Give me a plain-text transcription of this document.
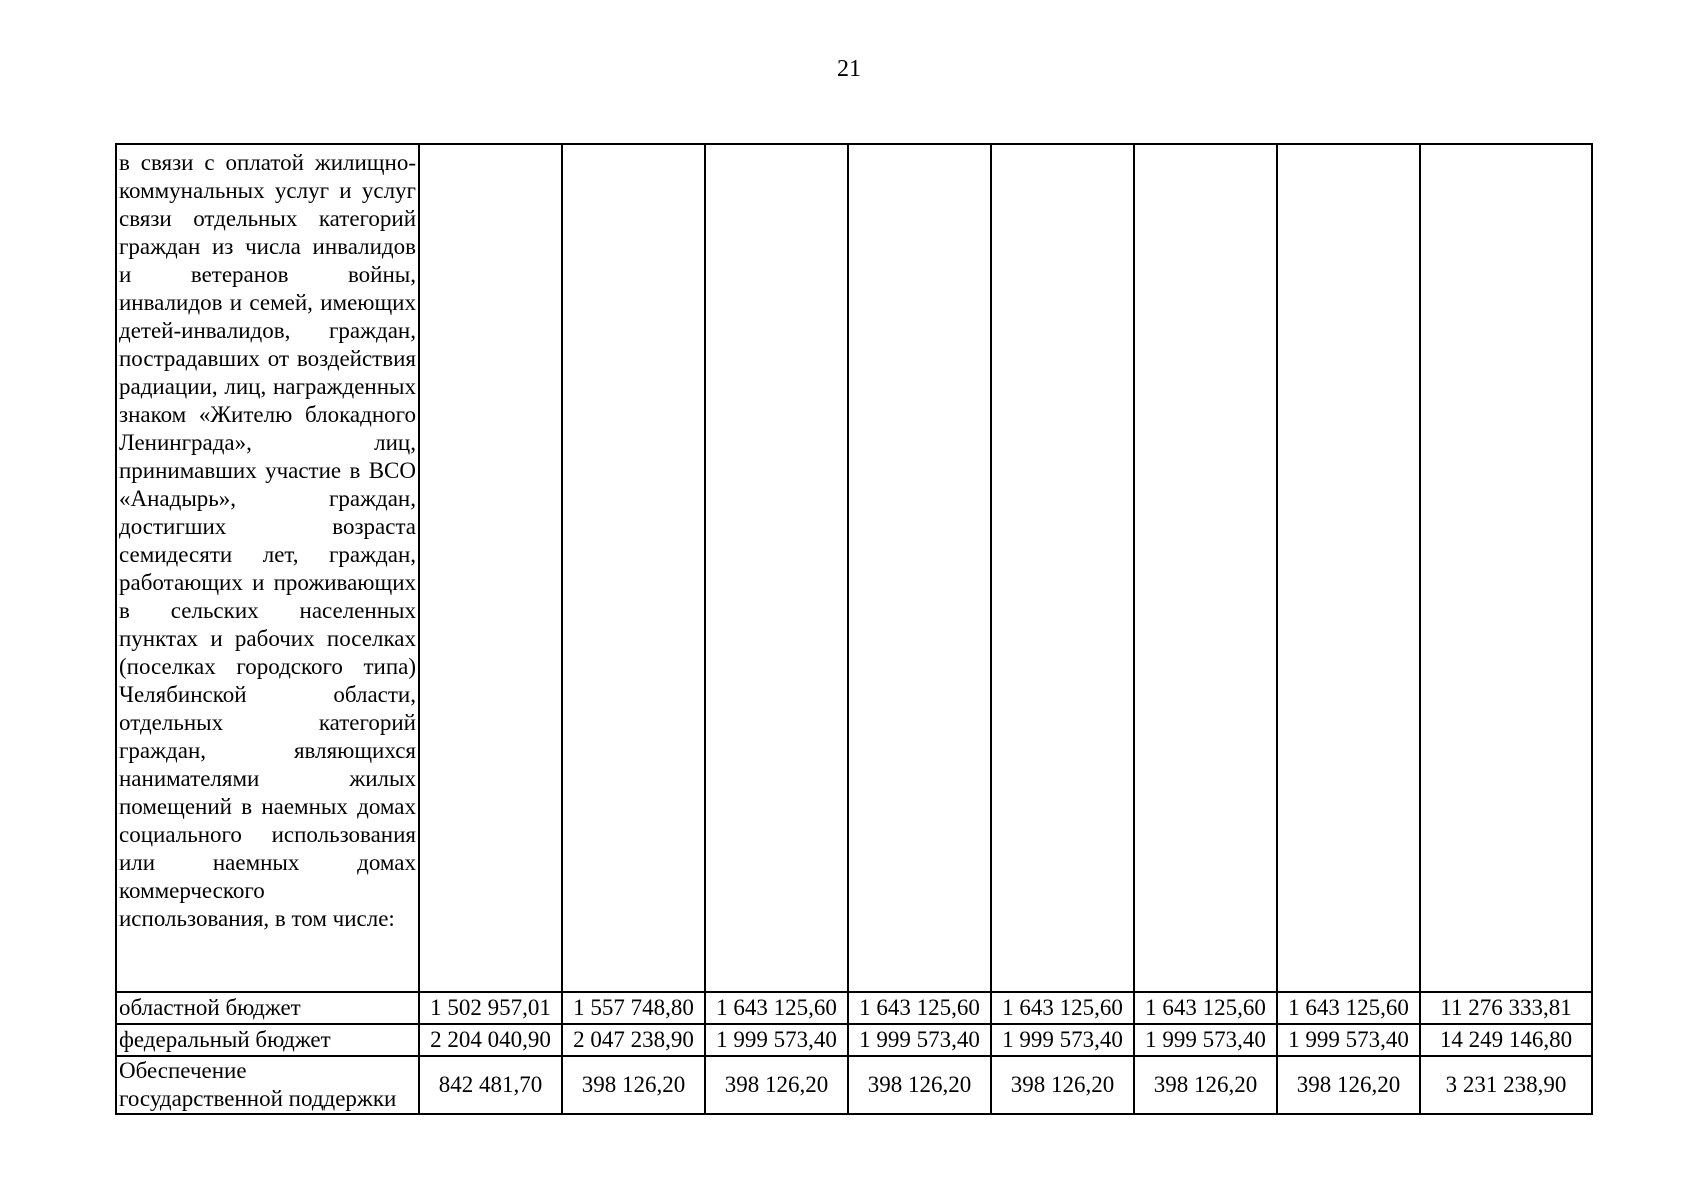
21
в связи с оплатой жилищно-коммунальных услуг и услуг связи отдельных категорий граждан из числа инвалидов и ветеранов войны, инвалидов и семей, имеющих детей-инвалидов, граждан, пострадавших от воздействия радиации, лиц, награжденных знаком «Жителю блокадного Ленинграда», лиц, принимавших участие в ВСО «Анадырь», граждан, достигших возраста семидесяти лет, граждан, работающих и проживающих в сельских населенных пунктах и рабочих поселках (поселках городского типа) Челябинской области, отдельных категорий граждан, являющихся нанимателями жилых помещений в наемных домах социального использования или наемных домах коммерческого использования, в том числе:								
областной бюджет	1 502 957,01	1 557 748,80	1 643 125,60	1 643 125,60	1 643 125,60	1 643 125,60	1 643 125,60	11 276 333,81
федеральный бюджет	2 204 040,90	2 047 238,90	1 999 573,40	1 999 573,40	1 999 573,40	1 999 573,40	1 999 573,40	14 249 146,80
Обеспечение государственной поддержки	842 481,70	398 126,20	398 126,20	398 126,20	398 126,20	398 126,20	398 126,20	3 231 238,90
